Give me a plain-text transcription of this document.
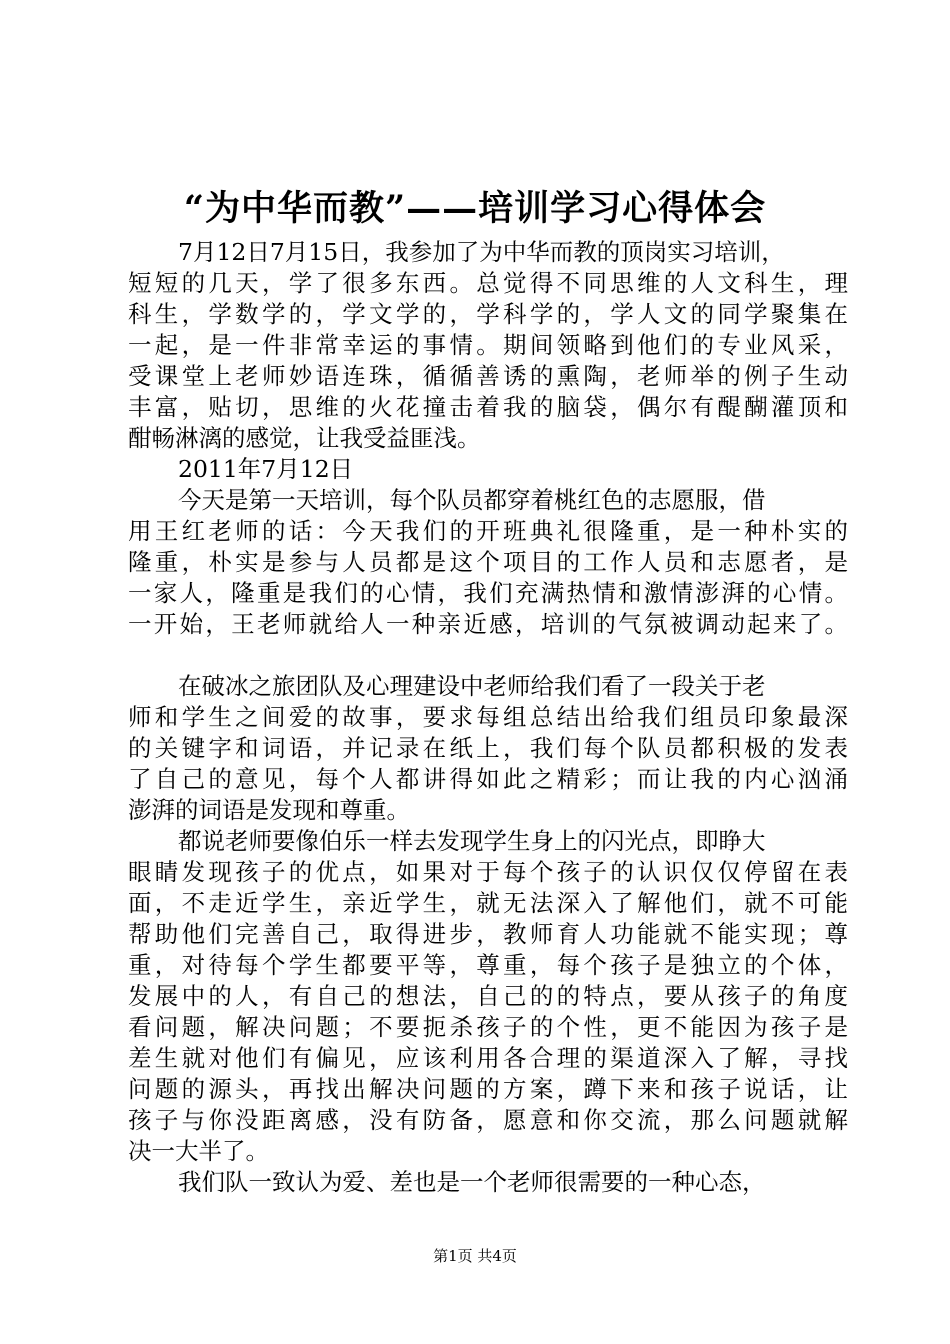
“为中华而教”——培训学习心得体会
7月12日7月15日，我参加了为中华而教的顶岗实习培训，
短短的几天，学了很多东西。总觉得不同思维的人文科生，理
科生，学数学的，学文学的，学科学的，学人文的同学聚集在
一起，是一件非常幸运的事情。期间领略到他们的专业风采，
受课堂上老师妙语连珠，循循善诱的熏陶，老师举的例子生动
丰富，贴切，思维的火花撞击着我的脑袋，偶尔有醍醐灌顶和
酣畅淋漓的感觉，让我受益匪浅。
2011年7月12日
今天是第一天培训，每个队员都穿着桃红色的志愿服，借
用王红老师的话：今天我们的开班典礼很隆重，是一种朴实的
隆重，朴实是参与人员都是这个项目的工作人员和志愿者，是
一家人，隆重是我们的心情，我们充满热情和激情澎湃的心情。
一开始，王老师就给人一种亲近感，培训的气氛被调动起来了。
在破冰之旅团队及心理建设中老师给我们看了一段关于老
师和学生之间爱的故事，要求每组总结出给我们组员印象最深
的关键字和词语，并记录在纸上，我们每个队员都积极的发表
了自己的意见，每个人都讲得如此之精彩；而让我的内心汹涌
澎湃的词语是发现和尊重。
都说老师要像伯乐一样去发现学生身上的闪光点，即睁大
眼睛发现孩子的优点，如果对于每个孩子的认识仅仅停留在表
面，不走近学生，亲近学生，就无法深入了解他们，就不可能
帮助他们完善自己，取得进步，教师育人功能就不能实现；尊
重，对待每个学生都要平等，尊重，每个孩子是独立的个体，
发展中的人，有自己的想法，自己的的特点，要从孩子的角度
看问题，解决问题；不要扼杀孩子的个性，更不能因为孩子是
差生就对他们有偏见，应该利用各合理的渠道深入了解，寻找
问题的源头，再找出解决问题的方案，蹲下来和孩子说话，让
孩子与你没距离感，没有防备，愿意和你交流，那么问题就解
决一大半了。
我们队一致认为爱、差也是一个老师很需要的一种心态，
第1页 共4页
